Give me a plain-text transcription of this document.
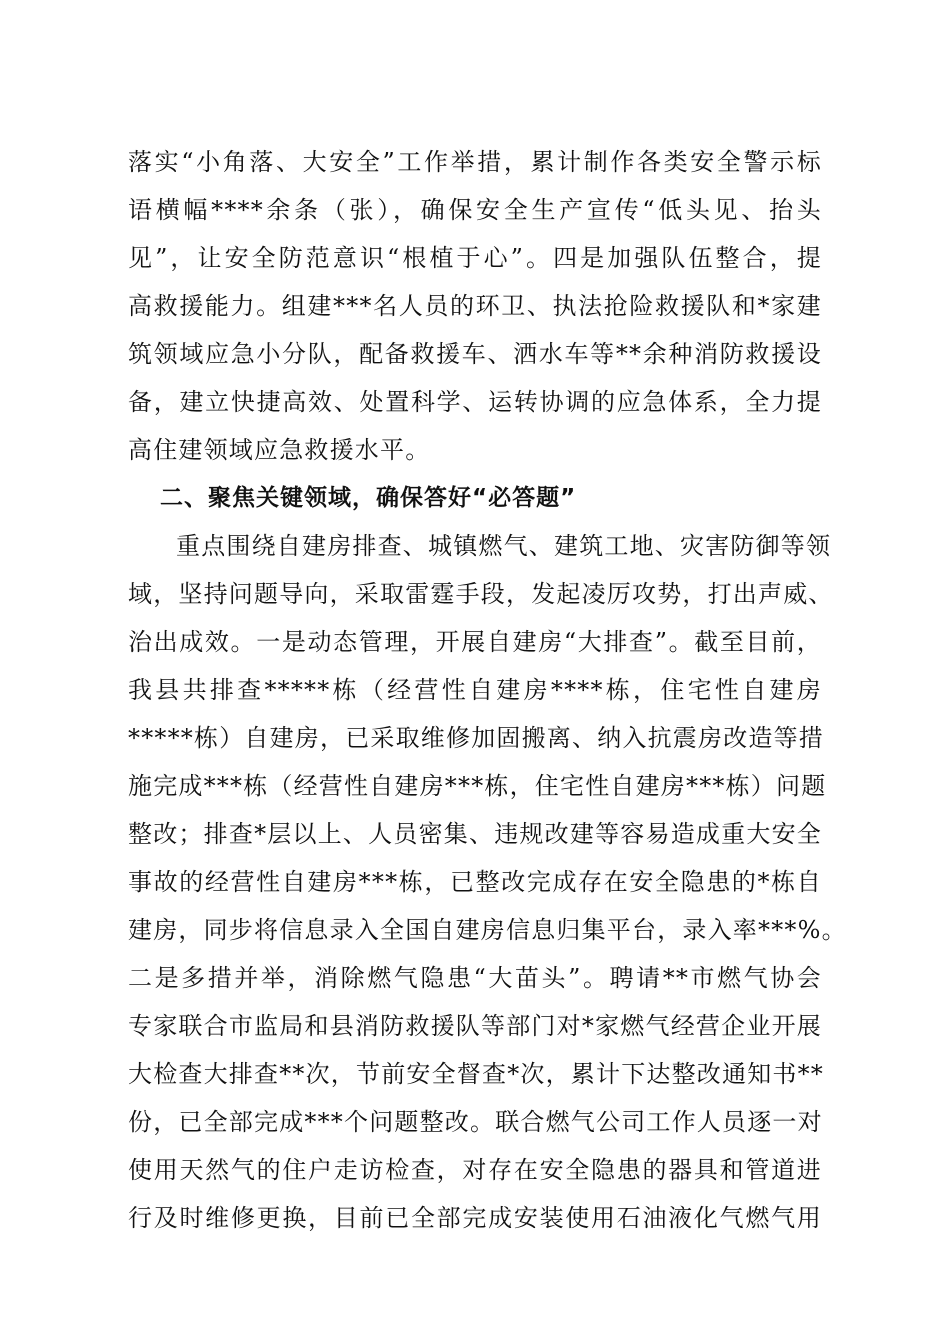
落实“小角落、大安全”工作举措，累计制作各类安全警示标
语横幅****余条（张），确保安全生产宣传“低头见、抬头
见”，让安全防范意识“根植于心”。四是加强队伍整合，提
高救援能力。组建***名人员的环卫、执法抢险救援队和*家建
筑领域应急小分队，配备救援车、洒水车等**余种消防救援设
备，建立快捷高效、处置科学、运转协调的应急体系，全力提
高住建领域应急救援水平。
二、聚焦关键领域，确保答好“必答题”
重点围绕自建房排查、城镇燃气、建筑工地、灾害防御等领
域，坚持问题导向，采取雷霆手段，发起凌厉攻势，打出声威、
治出成效。一是动态管理，开展自建房“大排查”。截至目前，
我县共排查*****栋（经营性自建房****栋，住宅性自建房
*****栋）自建房，已采取维修加固搬离、纳入抗震房改造等措
施完成***栋（经营性自建房***栋，住宅性自建房***栋）问题
整改；排查*层以上、人员密集、违规改建等容易造成重大安全
事故的经营性自建房***栋，已整改完成存在安全隐患的*栋自
建房，同步将信息录入全国自建房信息归集平台，录入率***%。
二是多措并举，消除燃气隐患“大苗头”。聘请**市燃气协会
专家联合市监局和县消防救援队等部门对*家燃气经营企业开展
大检查大排查**次，节前安全督查*次，累计下达整改通知书**
份，已全部完成***个问题整改。联合燃气公司工作人员逐一对
使用天然气的住户走访检查，对存在安全隐患的器具和管道进
行及时维修更换，目前已全部完成安装使用石油液化气燃气用
